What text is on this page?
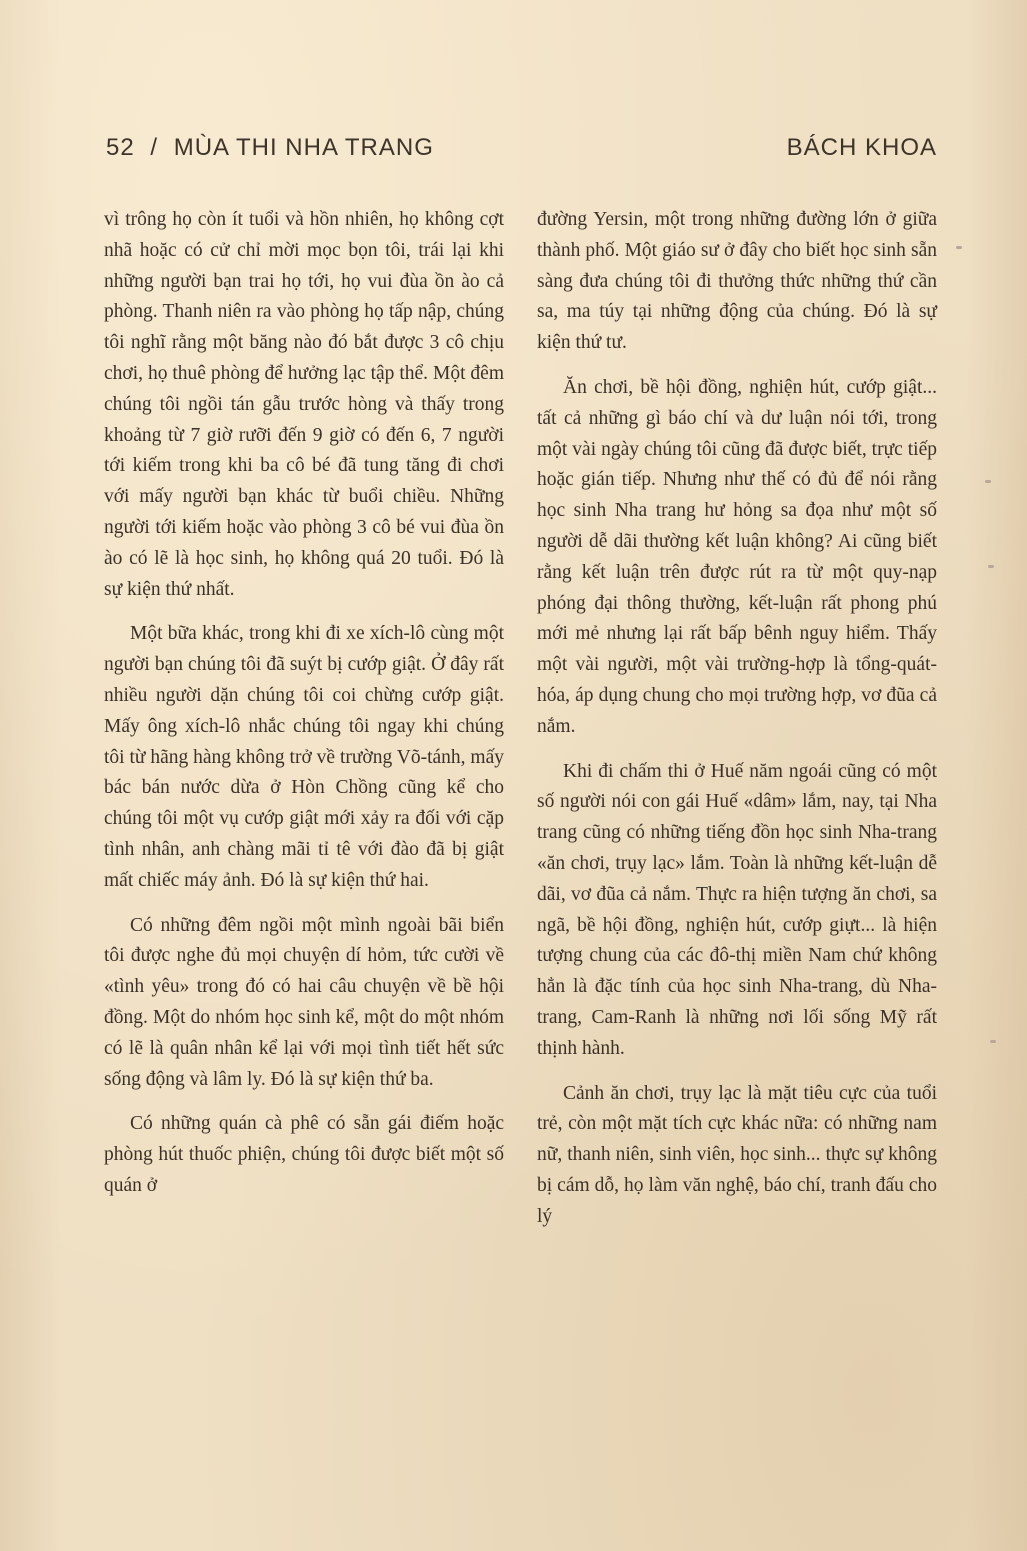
52 / MÙA THI NHA TRANG	BÁCH KHOA

vì trông họ còn ít tuổi và hồn nhiên, họ không cợt nhã hoặc có cử chỉ mời mọc bọn tôi, trái lại khi những người bạn trai họ tới, họ vui đùa ồn ào cả phòng. Thanh niên ra vào phòng họ tấp nập, chúng tôi nghĩ rằng một băng nào đó bắt được 3 cô chịu chơi, họ thuê phòng để hưởng lạc tập thể. Một đêm chúng tôi ngồi tán gẫu trước hòng và thấy trong khoảng từ 7 giờ rưỡi đến 9 giờ có đến 6, 7 người tới kiếm trong khi ba cô bé đã tung tăng đi chơi với mấy người bạn khác từ buổi chiều. Những người tới kiếm hoặc vào phòng 3 cô bé vui đùa ồn ào có lẽ là học sinh, họ không quá 20 tuổi. Đó là sự kiện thứ nhất.

Một bữa khác, trong khi đi xe xích-lô cùng một người bạn chúng tôi đã suýt bị cướp giật. Ở đây rất nhiều người dặn chúng tôi coi chừng cướp giật. Mấy ông xích-lô nhắc chúng tôi ngay khi chúng tôi từ hãng hàng không trở về trường Võ-tánh, mấy bác bán nước dừa ở Hòn Chồng cũng kể cho chúng tôi một vụ cướp giật mới xảy ra đối với cặp tình nhân, anh chàng mãi tỉ tê với đào đã bị giật mất chiếc máy ảnh. Đó là sự kiện thứ hai.

Có những đêm ngồi một mình ngoài bãi biển tôi được nghe đủ mọi chuyện dí hỏm, tức cười về «tình yêu» trong đó có hai câu chuyện về bề hội đồng. Một do nhóm học sinh kể, một do một nhóm có lẽ là quân nhân kể lại với mọi tình tiết hết sức sống động và lâm ly. Đó là sự kiện thứ ba.

Có những quán cà phê có sẵn gái điếm hoặc phòng hút thuốc phiện, chúng tôi được biết một số quán ở

đường Yersin, một trong những đường lớn ở giữa thành phố. Một giáo sư ở đây cho biết học sinh sẵn sàng đưa chúng tôi đi thưởng thức những thứ cần sa, ma túy tại những động của chúng. Đó là sự kiện thứ tư.

Ăn chơi, bề hội đồng, nghiện hút, cướp giật... tất cả những gì báo chí và dư luận nói tới, trong một vài ngày chúng tôi cũng đã được biết, trực tiếp hoặc gián tiếp. Nhưng như thế có đủ để nói rằng học sinh Nha trang hư hỏng sa đọa như một số người dễ dãi thường kết luận không? Ai cũng biết rằng kết luận trên được rút ra từ một quy-nạp phóng đại thông thường, kết-luận rất phong phú mới mẻ nhưng lại rất bấp bênh nguy hiểm. Thấy một vài người, một vài trường-hợp là tổng-quát-hóa, áp dụng chung cho mọi trường hợp, vơ đũa cả nắm.

Khi đi chấm thi ở Huế năm ngoái cũng có một số người nói con gái Huế «dâm» lắm, nay, tại Nha trang cũng có những tiếng đồn học sinh Nha-trang «ăn chơi, trụy lạc» lắm. Toàn là những kết-luận dễ dãi, vơ đũa cả nắm. Thực ra hiện tượng ăn chơi, sa ngã, bề hội đồng, nghiện hút, cướp giựt... là hiện tượng chung của các đô-thị miền Nam chứ không hẳn là đặc tính của học sinh Nha-trang, dù Nha-trang, Cam-Ranh là những nơi lối sống Mỹ rất thịnh hành.

Cảnh ăn chơi, trụy lạc là mặt tiêu cực của tuổi trẻ, còn một mặt tích cực khác nữa: có những nam nữ, thanh niên, sinh viên, học sinh... thực sự không bị cám dỗ, họ làm văn nghệ, báo chí, tranh đấu cho lý
